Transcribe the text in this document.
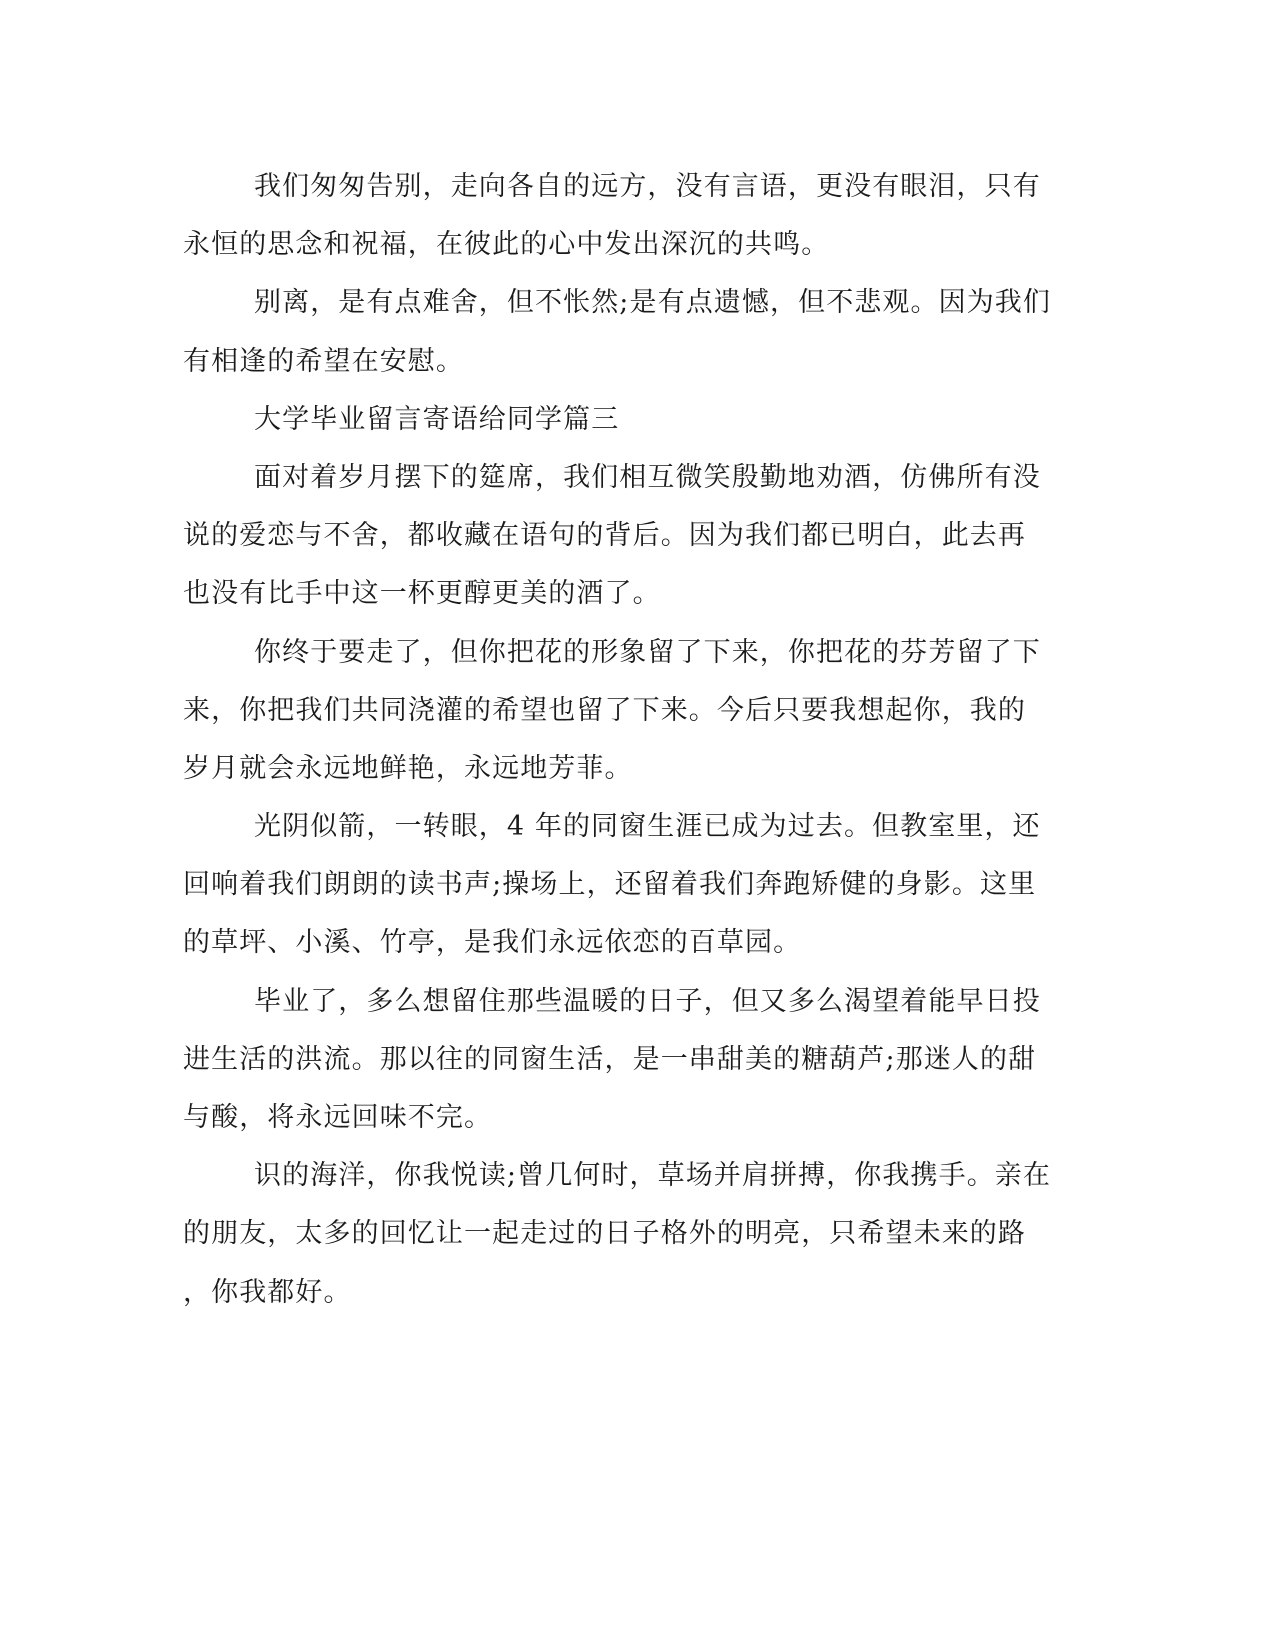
我们匆匆告别，走向各自的远方，没有言语，更没有眼泪，只有
永恒的思念和祝福，在彼此的心中发出深沉的共鸣。
别离，是有点难舍，但不怅然;是有点遗憾，但不悲观。因为我们
有相逢的希望在安慰。
大学毕业留言寄语给同学篇三
面对着岁月摆下的筵席，我们相互微笑殷勤地劝酒，仿佛所有没
说的爱恋与不舍，都收藏在语句的背后。因为我们都已明白，此去再
也没有比手中这一杯更醇更美的酒了。
你终于要走了，但你把花的形象留了下来，你把花的芬芳留了下
来，你把我们共同浇灌的希望也留了下来。今后只要我想起你，我的
岁月就会永远地鲜艳，永远地芳菲。
光阴似箭，一转眼，4 年的同窗生涯已成为过去。但教室里，还
回响着我们朗朗的读书声;操场上，还留着我们奔跑矫健的身影。这里
的草坪、小溪、竹亭，是我们永远依恋的百草园。
毕业了，多么想留住那些温暖的日子，但又多么渴望着能早日投
进生活的洪流。那以往的同窗生活，是一串甜美的糖葫芦;那迷人的甜
与酸，将永远回味不完。
识的海洋，你我悦读;曾几何时，草场并肩拼搏，你我携手。亲在
的朋友，太多的回忆让一起走过的日子格外的明亮，只希望未来的路
，你我都好。
